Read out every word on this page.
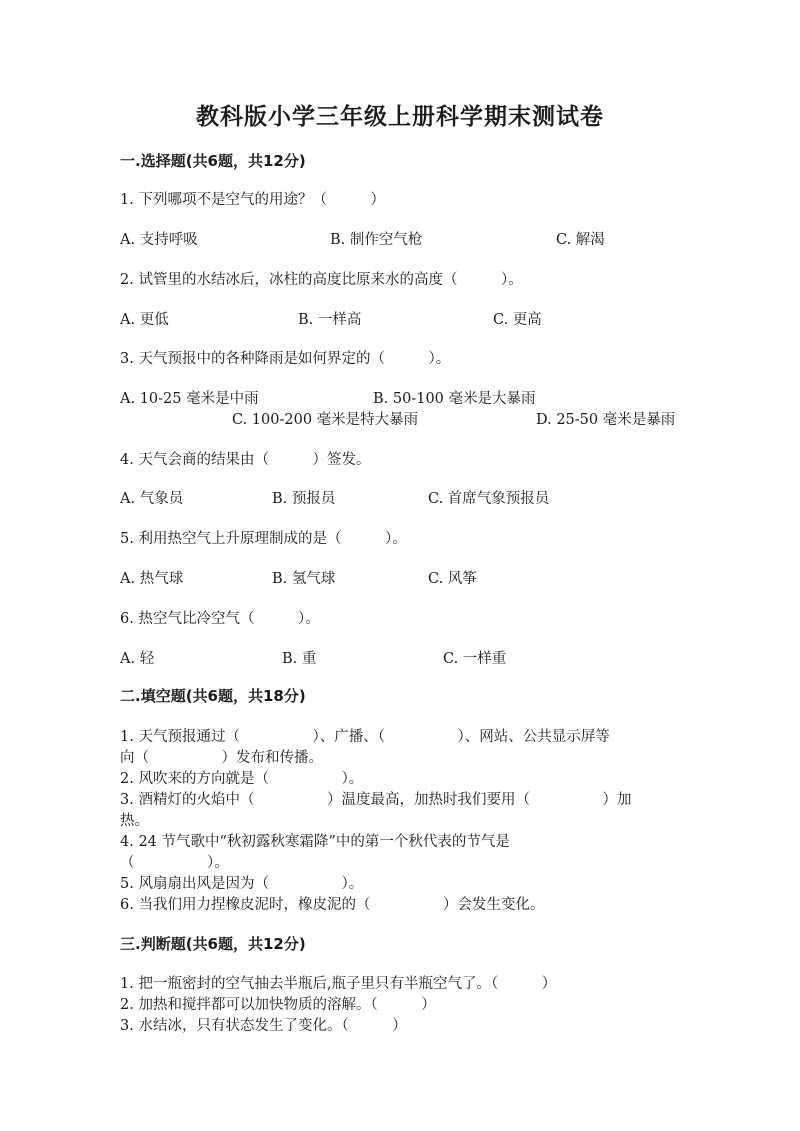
教科版小学三年级上册科学期末测试卷
一.选择题(共6题，共12分)
1. 下列哪项不是空气的用途？（　　　）
A. 支持呼吸	B. 制作空气枪	C. 解渴
2. 试管里的水结冰后，冰柱的高度比原来水的高度（　　　）。
A. 更低	B. 一样高	C. 更高
3. 天气预报中的各种降雨是如何界定的（　　　）。
A. 10-25 毫米是中雨	B. 50-100 毫米是大暴雨
C. 100-200 毫米是特大暴雨	D. 25-50 毫米是暴雨
4. 天气会商的结果由（　　　）签发。
A. 气象员	B. 预报员	C. 首席气象预报员
5. 利用热空气上升原理制成的是（　　　）。
A. 热气球	B. 氢气球	C. 风筝
6. 热空气比冷空气（　　　）。
A. 轻	B. 重	C. 一样重
二.填空题(共6题，共18分)
1. 天气预报通过（　　　　　）、广播、（　　　　　）、网站、公共显示屏等
向（　　　　　）发布和传播。
2. 风吹来的方向就是（　　　　　）。
3. 酒精灯的火焰中（　　　　　）温度最高，加热时我们要用（　　　　　）加
热。
4. 24 节气歌中“秋初露秋寒霜降”中的第一个秋代表的节气是
（　　　　　）。
5. 风扇扇出风是因为（　　　　　）。
6. 当我们用力捏橡皮泥时，橡皮泥的（　　　　　）会发生变化。
三.判断题(共6题，共12分)
1. 把一瓶密封的空气抽去半瓶后,瓶子里只有半瓶空气了。（　　　）
2. 加热和搅拌都可以加快物质的溶解。（　　　）
3. 水结冰，只有状态发生了变化。（　　　）
